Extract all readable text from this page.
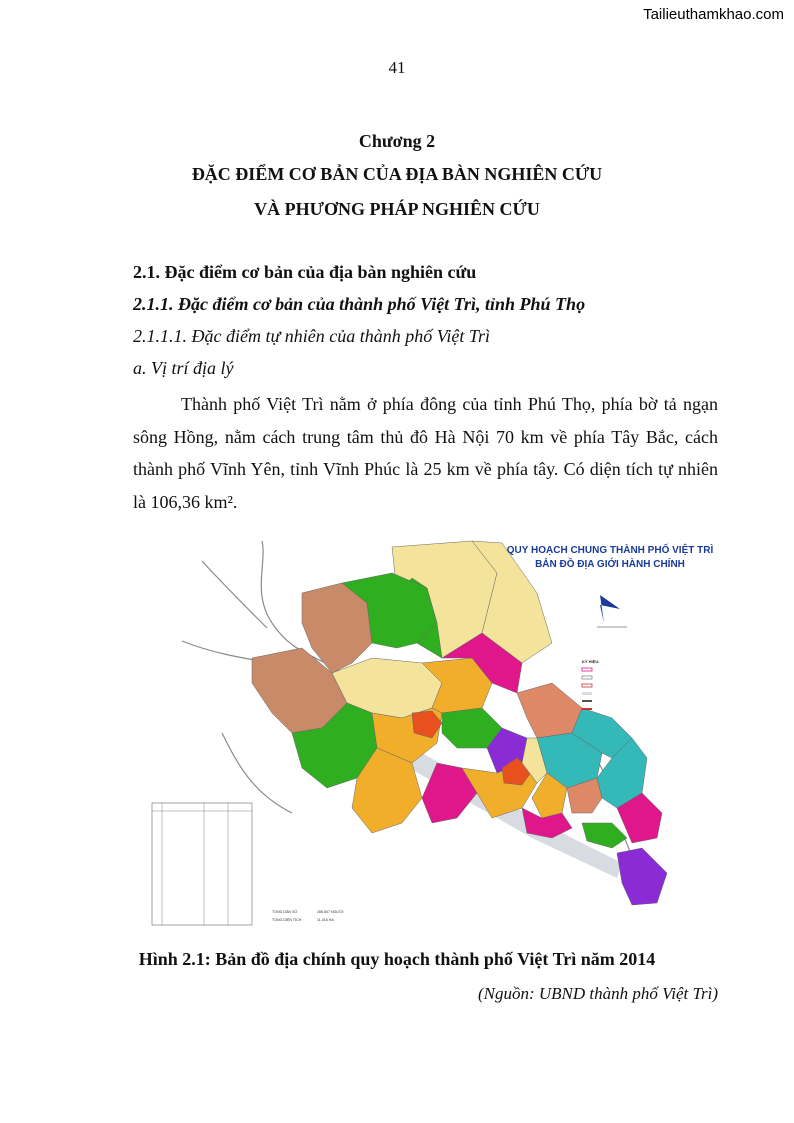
Tailieuthamkhao.com
41
Chương 2
ĐẶC ĐIỂM CƠ BẢN CỦA ĐỊA BÀN NGHIÊN CỨU
VÀ PHƯƠNG PHÁP NGHIÊN CỨU
2.1. Đặc điểm cơ bản của địa bàn nghiên cứu
2.1.1. Đặc điểm cơ bản của thành phố Việt Trì, tỉnh Phú Thọ
2.1.1.1. Đặc điểm tự nhiên của thành phố Việt Trì
a. Vị trí địa lý
Thành phố Việt Trì nằm ở phía đông của tỉnh Phú Thọ, phía bờ tả ngạn sông Hồng, nằm cách trung tâm thủ đô Hà Nội 70 km về phía Tây Bắc, cách thành phố Vĩnh Yên, tỉnh Vĩnh Phúc là 25 km về phía tây. Có diện tích tự nhiên là 106,36 km².
QUY HOẠCH CHUNG THÀNH PHỐ VIỆT TRÌ
BẢN ĐỒ ĐỊA GIỚI HÀNH CHÍNH
KÝ HIỆU:
TỔNG DÂN SỐ	286.507 NGƯỜI
TỔNG DIỆN TÍCH	11.316 HA
Hình 2.1: Bản đồ địa chính quy hoạch thành phố Việt Trì năm 2014
(Nguồn: UBND thành phố Việt Trì)
